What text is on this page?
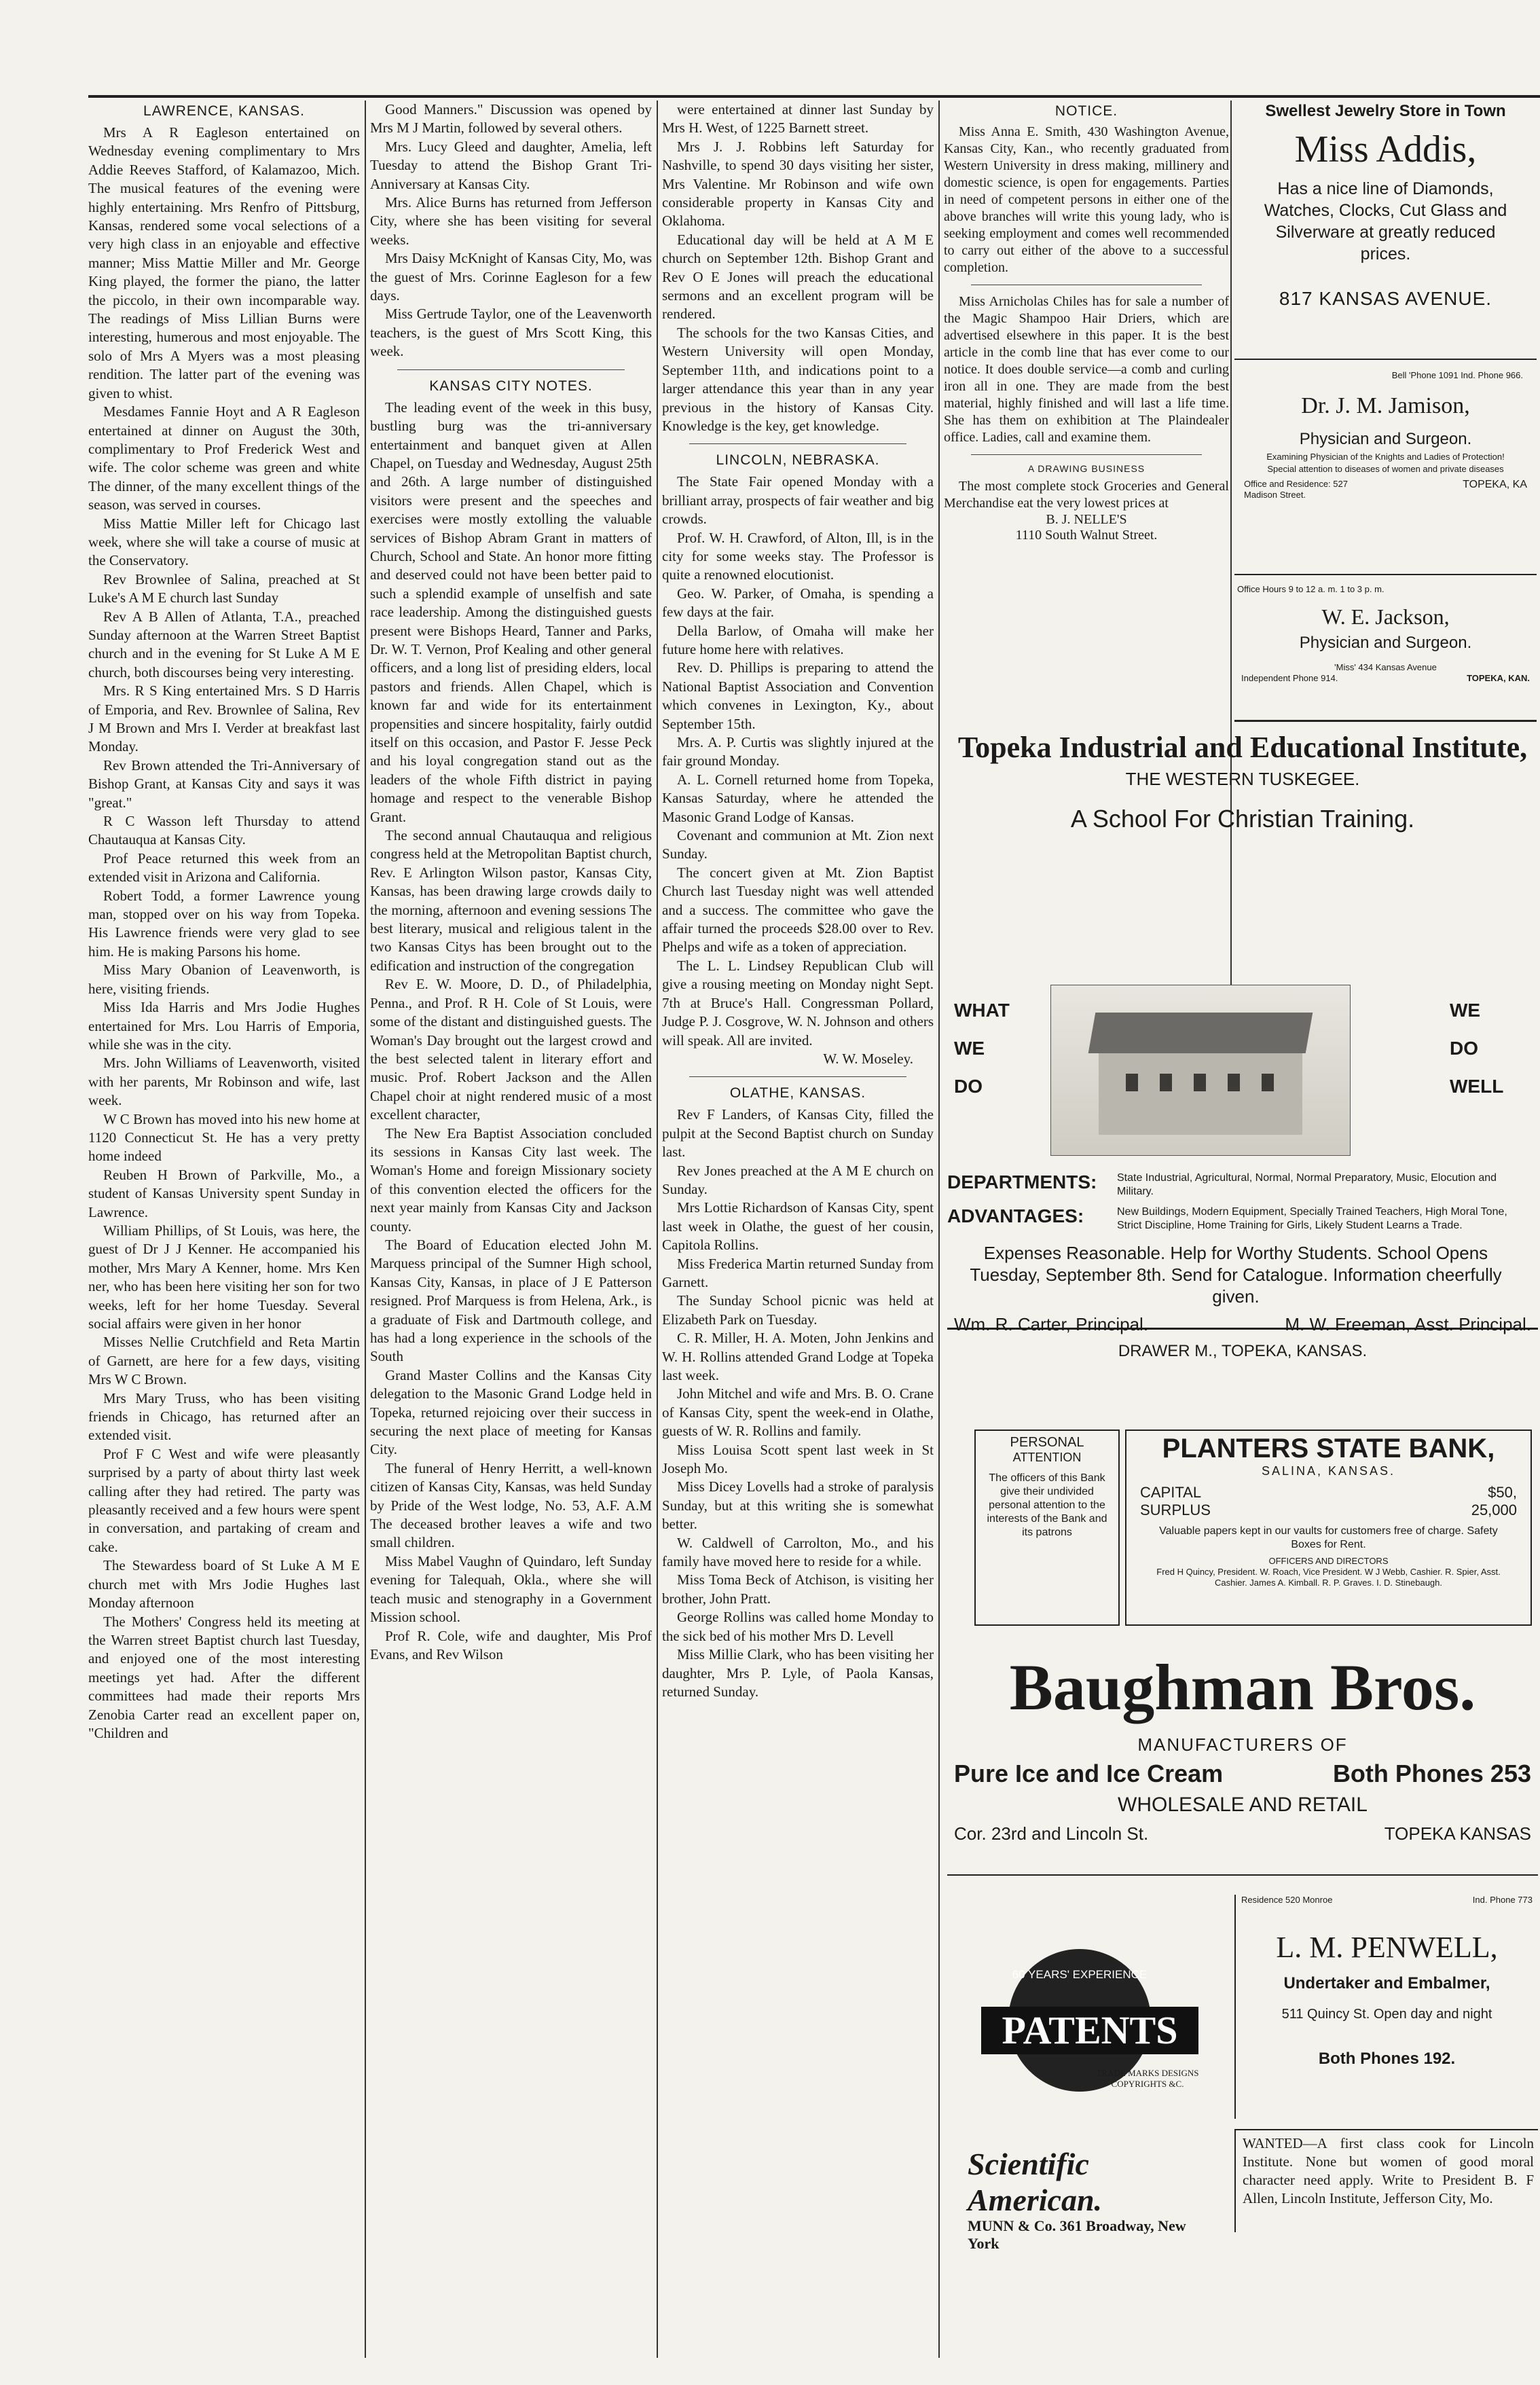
LAWRENCE, KANSAS.

Mrs A R Eagleson entertained on Wednesday evening complimentary to Mrs Addie Reeves Stafford, of Kalamazoo, Mich. The musical features of the evening were highly entertaining. Mrs Renfro of Pittsburg, Kansas, rendered some vocal selections of a very high class in an enjoyable and effective manner; Miss Mattie Miller and Mr. George King played, the former the piano, the latter the piccolo, in their own incomparable way. The readings of Miss Lillian Burns were interesting, humerous and most enjoyable. The solo of Mrs A Myers was a most pleasing rendition. The latter part of the evening was given to whist.

Mesdames Fannie Hoyt and A R Eagleson entertained at dinner on August the 30th, complimentary to Prof Frederick West and wife. The color scheme was green and white The dinner, of the many excellent things of the season, was served in courses.

Miss Mattie Miller left for Chicago last week, where she will take a course of music at the Conservatory.

Rev Brownlee of Salina, preached at St Luke's A M E church last Sunday

Rev A B Allen of Atlanta, T.A., preached Sunday afternoon at the Warren Street Baptist church and in the evening for St Luke A M E church, both discourses being very interesting.

Mrs. R S King entertained Mrs. S D Harris of Emporia, and Rev. Brownlee of Salina, Rev J M Brown and Mrs I. Verder at breakfast last Monday.

Rev Brown attended the Tri-Anniversary of Bishop Grant, at Kansas City and says it was "great."

R C Wasson left Thursday to attend Chautauqua at Kansas City.

Prof Peace returned this week from an extended visit in Arizona and California.

Robert Todd, a former Lawrence young man, stopped over on his way from Topeka. His Lawrence friends were very glad to see him. He is making Parsons his home.

Miss Mary Obanion of Leavenworth, is here, visiting friends.

Miss Ida Harris and Mrs Jodie Hughes entertained for Mrs. Lou Harris of Emporia, while she was in the city.

Mrs. John Williams of Leavenworth, visited with her parents, Mr Robinson and wife, last week.

W C Brown has moved into his new home at 1120 Connecticut St. He has a very pretty home indeed

Reuben H Brown of Parkville, Mo., a student of Kansas University spent Sunday in Lawrence.

William Phillips, of St Louis, was here, the guest of Dr J J Kenner. He accompanied his mother, Mrs Mary A Kenner, home. Mrs Ken ner, who has been here visiting her son for two weeks, left for her home Tuesday. Several social affairs were given in her honor

Misses Nellie Crutchfield and Reta Martin of Garnett, are here for a few days, visiting Mrs W C Brown.

Mrs Mary Truss, who has been visiting friends in Chicago, has returned after an extended visit.

Prof F C West and wife were pleasantly surprised by a party of about thirty last week calling after they had retired. The party was pleasantly received and a few hours were spent in conversation, and partaking of cream and cake.

The Stewardess board of St Luke A M E church met with Mrs Jodie Hughes last Monday afternoon

The Mothers' Congress held its meeting at the Warren street Baptist church last Tuesday, and enjoyed one of the most interesting meetings yet had. After the different committees had made their reports Mrs Zenobia Carter read an excellent paper on, "Children and

Good Manners." Discussion was opened by Mrs M J Martin, followed by several others.

Mrs. Lucy Gleed and daughter, Amelia, left Tuesday to attend the Bishop Grant Tri-Anniversary at Kansas City.

Mrs. Alice Burns has returned from Jefferson City, where she has been visiting for several weeks.

Mrs Daisy McKnight of Kansas City, Mo, was the guest of Mrs. Corinne Eagleson for a few days.

Miss Gertrude Taylor, one of the Leavenworth teachers, is the guest of Mrs Scott King, this week.

KANSAS CITY NOTES.

The leading event of the week in this busy, bustling burg was the tri-anniversary entertainment and banquet given at Allen Chapel, on Tuesday and Wednesday, August 25th and 26th. A large number of distinguished visitors were present and the speeches and exercises were mostly extolling the valuable services of Bishop Abram Grant in matters of Church, School and State. An honor more fitting and deserved could not have been better paid to such a splendid example of unselfish and sate race leadership. Among the distinguished guests present were Bishops Heard, Tanner and Parks, Dr. W. T. Vernon, Prof Kealing and other general officers, and a long list of presiding elders, local pastors and friends. Allen Chapel, which is known far and wide for its entertainment propensities and sincere hospitality, fairly outdid itself on this occasion, and Pastor F. Jesse Peck and his loyal congregation stand out as the leaders of the whole Fifth district in paying homage and respect to the venerable Bishop Grant.

The second annual Chautauqua and religious congress held at the Metropolitan Baptist church, Rev. E Arlington Wilson pastor, Kansas City, Kansas, has been drawing large crowds daily to the morning, afternoon and evening sessions The best literary, musical and religious talent in the two Kansas Citys has been brought out to the edification and instruction of the congregation

Rev E. W. Moore, D. D., of Philadelphia, Penna., and Prof. R H. Cole of St Louis, were some of the distant and distinguished guests. The Woman's Day brought out the largest crowd and the best selected talent in literary effort and music. Prof. Robert Jackson and the Allen Chapel choir at night rendered music of a most excellent character,

The New Era Baptist Association concluded its sessions in Kansas City last week. The Woman's Home and foreign Missionary society of this convention elected the officers for the next year mainly from Kansas City and Jackson county.

The Board of Education elected John M. Marquess principal of the Sumner High school, Kansas City, Kansas, in place of J E Patterson resigned. Prof Marquess is from Helena, Ark., is a graduate of Fisk and Dartmouth college, and has had a long experience in the schools of the South

Grand Master Collins and the Kansas City delegation to the Masonic Grand Lodge held in Topeka, returned rejoicing over their success in securing the next place of meeting for Kansas City.

The funeral of Henry Herritt, a well-known citizen of Kansas City, Kansas, was held Sunday by Pride of the West lodge, No. 53, A.F. A.M The deceased brother leaves a wife and two small children.

Miss Mabel Vaughn of Quindaro, left Sunday evening for Talequah, Okla., where she will teach music and stenography in a Government Mission school.

Prof R. Cole, wife and daughter, Mis Prof Evans, and Rev Wilson

were entertained at dinner last Sunday by Mrs H. West, of 1225 Barnett street.

Mrs J. J. Robbins left Saturday for Nashville, to spend 30 days visiting her sister, Mrs Valentine. Mr Robinson and wife own considerable property in Kansas City and Oklahoma.

Educational day will be held at A M E church on September 12th. Bishop Grant and Rev O E Jones will preach the educational sermons and an excellent program will be rendered.

The schools for the two Kansas Cities, and Western University will open Monday, September 11th, and indications point to a larger attendance this year than in any year previous in the history of Kansas City. Knowledge is the key, get knowledge.

LINCOLN, NEBRASKA.

The State Fair opened Monday with a brilliant array, prospects of fair weather and big crowds.

Prof. W. H. Crawford, of Alton, Ill, is in the city for some weeks stay. The Professor is quite a renowned elocutionist.

Geo. W. Parker, of Omaha, is spending a few days at the fair.

Della Barlow, of Omaha will make her future home here with relatives.

Rev. D. Phillips is preparing to attend the National Baptist Association and Convention which convenes in Lexington, Ky., about September 15th.

Mrs. A. P. Curtis was slightly injured at the fair ground Monday.

A. L. Cornell returned home from Topeka, Kansas Saturday, where he attended the Masonic Grand Lodge of Kansas.

Covenant and communion at Mt. Zion next Sunday.

The concert given at Mt. Zion Baptist Church last Tuesday night was well attended and a success. The committee who gave the affair turned the proceeds $28.00 over to Rev. Phelps and wife as a token of appreciation.

The L. L. Lindsey Republican Club will give a rousing meeting on Monday night Sept. 7th at Bruce's Hall. Congressman Pollard, Judge P. J. Cosgrove, W. N. Johnson and others will speak. All are invited.

W. W. Moseley.
OLATHE, KANSAS.

Rev F Landers, of Kansas City, filled the pulpit at the Second Baptist church on Sunday last.

Rev Jones preached at the A M E church on Sunday.

Mrs Lottie Richardson of Kansas City, spent last week in Olathe, the guest of her cousin, Capitola Rollins.

Miss Frederica Martin returned Sunday from Garnett.

The Sunday School picnic was held at Elizabeth Park on Tuesday.

C. R. Miller, H. A. Moten, John Jenkins and W. H. Rollins attended Grand Lodge at Topeka last week.

John Mitchel and wife and Mrs. B. O. Crane of Kansas City, spent the week-end in Olathe, guests of W. R. Rollins and family.

Miss Louisa Scott spent last week in St Joseph Mo.

Miss Dicey Lovells had a stroke of paralysis Sunday, but at this writing she is somewhat better.

W. Caldwell of Carrolton, Mo., and his family have moved here to reside for a while.

Miss Toma Beck of Atchison, is visiting her brother, John Pratt.

George Rollins was called home Monday to the sick bed of his mother Mrs D. Levell

Miss Millie Clark, who has been visiting her daughter, Mrs P. Lyle, of Paola Kansas, returned Sunday.

NOTICE.

Miss Anna E. Smith, 430 Washington Avenue, Kansas City, Kan., who recently graduated from Western University in dress making, millinery and domestic science, is open for engagements. Parties in need of competent persons in either one of the above branches will write this young lady, who is seeking employment and comes well recommended to carry out either of the above to a successful completion.

Miss Arnicholas Chiles has for sale a number of the Magic Shampoo Hair Driers, which are advertised elsewhere in this paper. It is the best article in the comb line that has ever come to our notice. It does double service—a comb and curling iron all in one. They are made from the best material, highly finished and will last a life time. She has them on exhibition at The Plaindealer office. Ladies, call and examine them.

A DRAWING BUSINESS

The most complete stock Groceries and General Merchandise eat the very lowest prices at

B. J. NELLE'S
1110 South Walnut Street.
Swellest Jewelry Store in Town
Miss Addis,
Has a nice line of Diamonds, Watches, Clocks, Cut Glass and Silverware at greatly reduced prices.
817 KANSAS AVENUE.
Bell 'Phone 1091 Ind. Phone 966.
Dr. J. M. Jamison,
Physician and Surgeon.
Examining Physician of the Knights and Ladies of Protection!
Special attention to diseases of women and private diseases
Office and Residence: 527 Madison Street.
TOPEKA, KA
Office Hours 9 to 12 a. m. 1 to 3 p. m.
W. E. Jackson,
Physician and Surgeon.
'Miss' 434 Kansas Avenue
Independent Phone 914.	TOPEKA, KAN.
Topeka Industrial and Educational Institute,
THE WESTERN TUSKEGEE.
A School For Christian Training.
WHAT
WE
DO
WE
DO
WELL
DEPARTMENTS:	State Industrial, Agricultural, Normal, Normal Preparatory, Music, Elocution and Military.
ADVANTAGES:	New Buildings, Modern Equipment, Specially Trained Teachers, High Moral Tone, Strict Discipline, Home Training for Girls, Likely Student Learns a Trade.
Expenses Reasonable. Help for Worthy Students. School Opens Tuesday, September 8th. Send for Catalogue. Information cheerfully given.
Wm. R. Carter, Principal.	M. W. Freeman, Asst. Principal.
DRAWER M., TOPEKA, KANSAS.
PERSONAL
ATTENTION
The officers of this Bank give their undivided personal attention to the interests of the Bank and its patrons
PLANTERS STATE BANK,
SALINA, KANSAS.
CAPITAL	$50,
SURPLUS	25,000
Valuable papers kept in our vaults for customers free of charge. Safety Boxes for Rent.
OFFICERS AND DIRECTORS
Fred H Quincy, President. W. Roach, Vice President. W J Webb, Cashier. R. Spier, Asst. Cashier. James A. Kimball. R. P. Graves. I. D. Stinebaugh.
Baughman Bros.
MANUFACTURERS OF
Pure Ice and Ice Cream	Both Phones 253
WHOLESALE AND RETAIL
Cor. 23rd and Lincoln St.	TOPEKA KANSAS
60 YEARS' EXPERIENCE
PATENTS
TRADE MARKS DESIGNS COPYRIGHTS &C.
Scientific American.
MUNN & Co. 361 Broadway, New York
Residence 520 Monroe	Ind. Phone 773
L. M. PENWELL,
Undertaker and Embalmer,
511 Quincy St. Open day and night
Both Phones 192.
WANTED—A first class cook for Lincoln Institute. None but women of good moral character need apply. Write to President B. F Allen, Lincoln Institute, Jefferson City, Mo.
